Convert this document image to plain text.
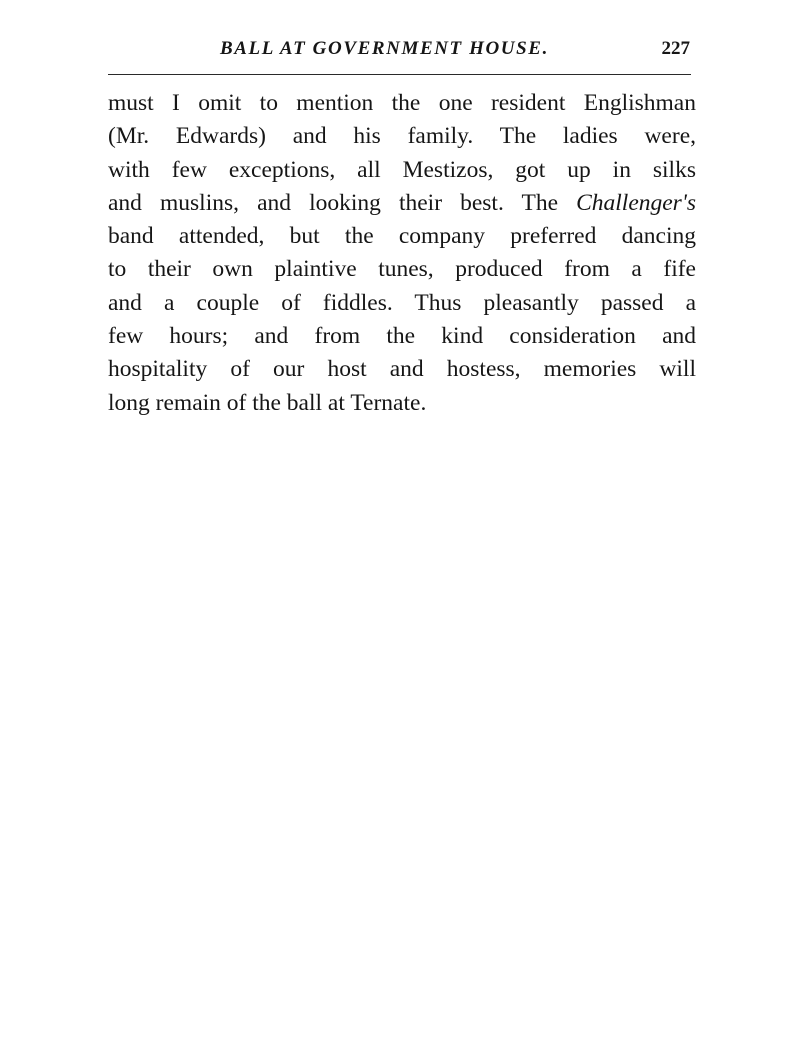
BALL AT GOVERNMENT HOUSE.	227
must I omit to mention the one resident Englishman
(Mr. Edwards) and his family. The ladies were,
with few exceptions, all Mestizos, got up in silks
and muslins, and looking their best. The Challenger's
band attended, but the company preferred dancing
to their own plaintive tunes, produced from a fife
and a couple of fiddles. Thus pleasantly passed a
few hours; and from the kind consideration and
hospitality of our host and hostess, memories will
long remain of the ball at Ternate.
